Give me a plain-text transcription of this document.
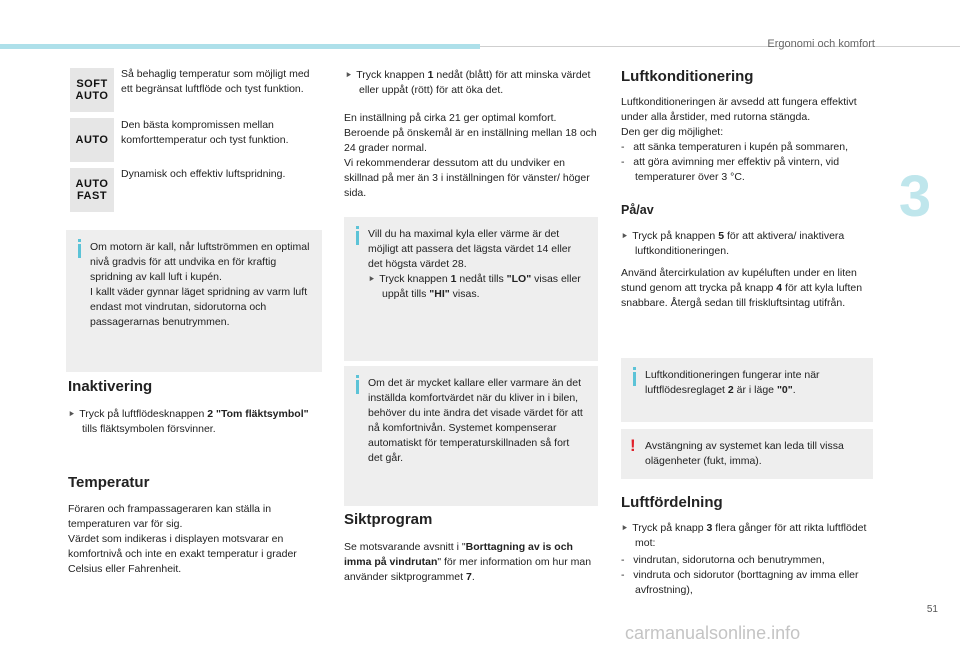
Ergonomi och komfort
3
51
carmanualsonline.info
SOFT
AUTO
Så behaglig temperatur som möjligt med ett begränsat luftflöde och tyst funktion.
AUTO
Den bästa kompromissen mellan komforttemperatur och tyst funktion.
AUTO
FAST
Dynamisk och effektiv luftspridning.
Om motorn är kall, når luftströmmen en optimal nivå gradvis för att undvika en för kraftig spridning av kall luft i kupén.
I kallt väder gynnar läget spridning av varm luft endast mot vindrutan, sidorutorna och passagerarnas benutrymmen.
Inaktivering
⯈ Tryck på luftflödesknappen 2 "Tom fläktsymbol" tills fläktsymbolen försvinner.
Temperatur
Föraren och frampassageraren kan ställa in temperaturen var för sig.
Värdet som indikeras i displayen motsvarar en komfortnivå och inte en exakt temperatur i grader Celsius eller Fahrenheit.
⯈ Tryck knappen 1 nedåt (blått) för att minska värdet eller uppåt (rött) för att öka det.
En inställning på cirka 21 ger optimal komfort. Beroende på önskemål är en inställning mellan 18 och 24 grader normal.
Vi rekommenderar dessutom att du undviker en skillnad på mer än 3 i inställningen för vänster/ höger sida.
Vill du ha maximal kyla eller värme är det möjligt att passera det lägsta värdet 14 eller det högsta värdet 28.
⯈ Tryck knappen 1 nedåt tills "LO" visas eller uppåt tills "HI" visas.
Om det är mycket kallare eller varmare än det inställda komfortvärdet när du kliver in i bilen, behöver du inte ändra det visade värdet för att nå komfortnivån. Systemet kompenserar automatiskt för temperaturskillnaden så fort det går.
Siktprogram
Se motsvarande avsnitt i "Borttagning av is och imma på vindrutan" för mer information om hur man använder siktprogrammet 7.
Luftkonditionering
Luftkonditioneringen är avsedd att fungera effektivt under alla årstider, med rutorna stängda.
Den ger dig möjlighet:
-   att sänka temperaturen i kupén på sommaren,
-   att göra avimning mer effektiv på vintern, vid temperaturer över 3 °C.
På/av
⯈ Tryck på knappen 5 för att aktivera/ inaktivera luftkonditioneringen.
Använd återcirkulation av kupéluften under en liten stund genom att trycka på knapp 4 för att kyla luften snabbare. Återgå sedan till friskluftsintag utifrån.
Luftkonditioneringen fungerar inte när luftflödesreglaget 2 är i läge "0".
! Avstängning av systemet kan leda till vissa olägenheter (fukt, imma).
Luftfördelning
⯈ Tryck på knapp 3 flera gånger för att rikta luftflödet mot:
-   vindrutan, sidorutorna och benutrymmen,
-   vindruta och sidorutor (borttagning av imma eller avfrostning),
